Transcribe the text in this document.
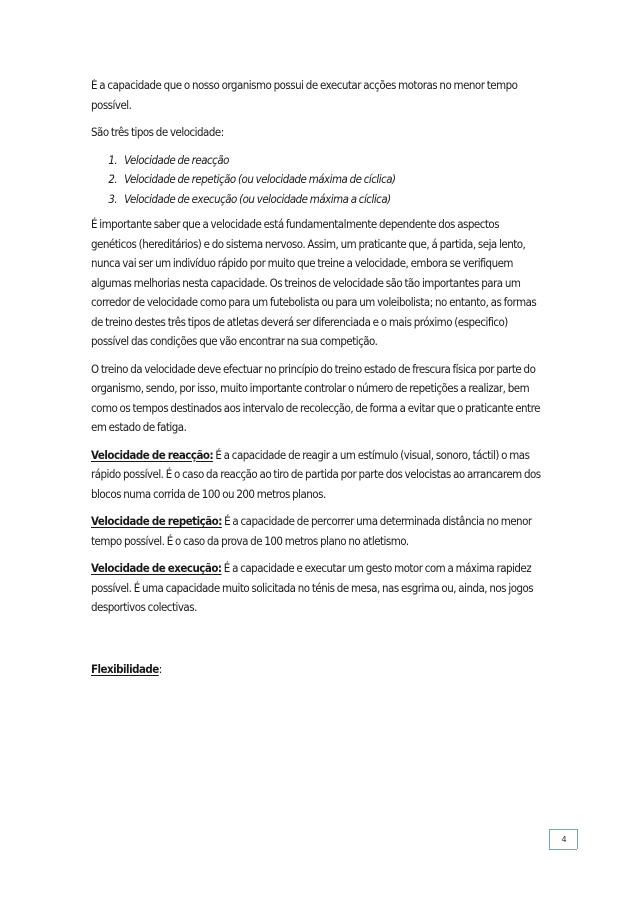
É a capacidade que o nosso organismo possui de executar acções motoras no menor tempo possível.

São três tipos de velocidade:

1. Velocidade de reacção
2. Velocidade de repetição (ou velocidade máxima de cíclica)
3. Velocidade de execução (ou velocidade máxima a cíclica)

É importante saber que a velocidade está fundamentalmente dependente dos aspectos genéticos (hereditários) e do sistema nervoso. Assim, um praticante que, á partida, seja lento, nunca vai ser um indivíduo rápido por muito que treine a velocidade, embora se verifiquem algumas melhorias nesta capacidade. Os treinos de velocidade são tão importantes para um corredor de velocidade como para um futebolista ou para um voleibolista; no entanto, as formas de treino destes três tipos de atletas deverá ser diferenciada e o mais próximo (especifico) possível das condições que vão encontrar na sua competição.

O treino da velocidade deve efectuar no princípio do treino estado de frescura física por parte do organismo, sendo, por isso, muito importante controlar o número de repetições a realizar, bem como os tempos destinados aos intervalo de recolecção, de forma a evitar que o praticante entre em estado de fatiga.

Velocidade de reacção: É a capacidade de reagir a um estímulo (visual, sonoro, táctil) o mas rápido possível. É o caso da reacção ao tiro de partida por parte dos velocistas ao arrancarem dos blocos numa corrida de 100 ou 200 metros planos.

Velocidade de repetição: É a capacidade de percorrer uma determinada distância no menor tempo possível. É o caso da prova de 100 metros plano no atletismo.

Velocidade de execução: É a capacidade e executar um gesto motor com a máxima rapidez possível. É uma capacidade muito solicitada no ténis de mesa, nas esgrima ou, ainda, nos jogos desportivos colectivas.

Flexibilidade:

4
